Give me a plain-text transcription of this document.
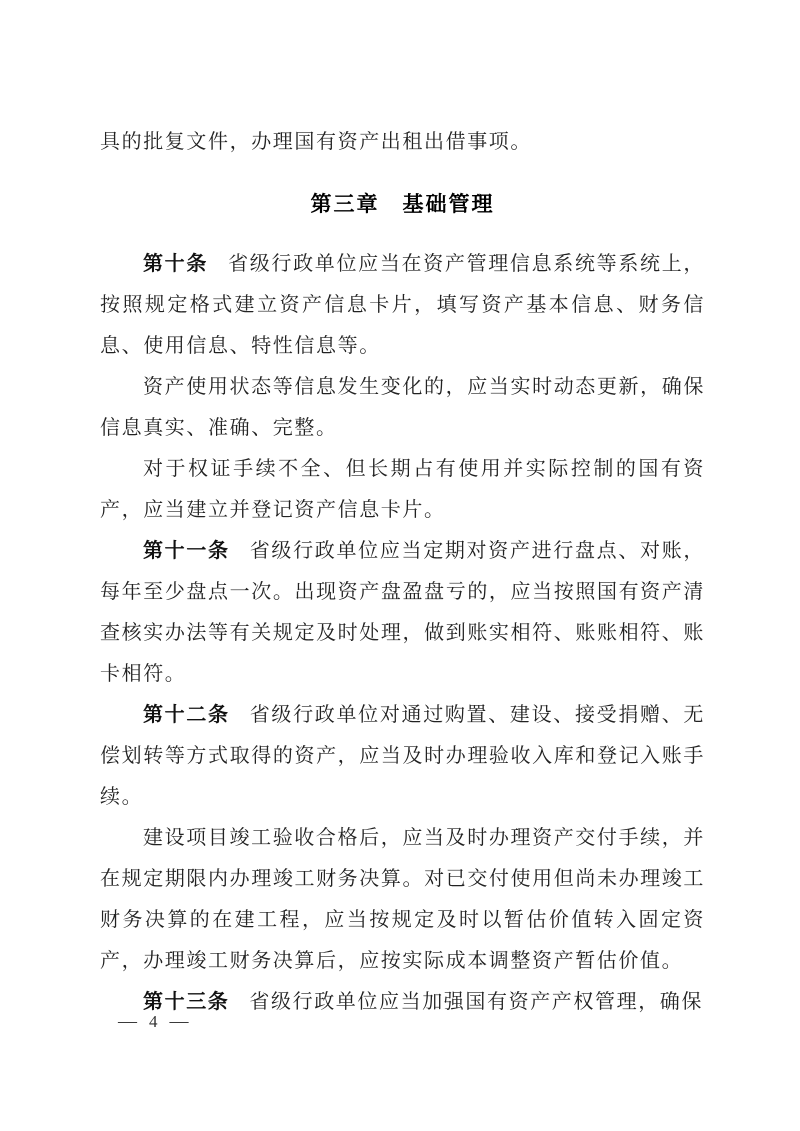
具的批复文件，办理国有资产出租出借事项。

第三章　基础管理

第十条 省级行政单位应当在资产管理信息系统等系统上，按照规定格式建立资产信息卡片，填写资产基本信息、财务信息、使用信息、特性信息等。

资产使用状态等信息发生变化的，应当实时动态更新，确保信息真实、准确、完整。

对于权证手续不全、但长期占有使用并实际控制的国有资产，应当建立并登记资产信息卡片。

第十一条 省级行政单位应当定期对资产进行盘点、对账，每年至少盘点一次。出现资产盘盈盘亏的，应当按照国有资产清查核实办法等有关规定及时处理，做到账实相符、账账相符、账卡相符。

第十二条 省级行政单位对通过购置、建设、接受捐赠、无偿划转等方式取得的资产，应当及时办理验收入库和登记入账手续。

建设项目竣工验收合格后，应当及时办理资产交付手续，并在规定期限内办理竣工财务决算。对已交付使用但尚未办理竣工财务决算的在建工程，应当按规定及时以暂估价值转入固定资产，办理竣工财务决算后，应按实际成本调整资产暂估价值。

第十三条 省级行政单位应当加强国有资产产权管理，确保

— 4 —
